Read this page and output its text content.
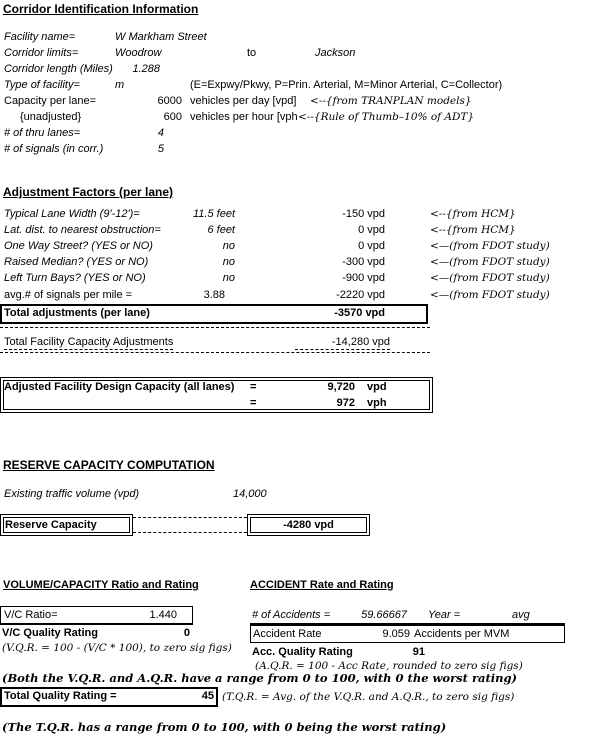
Corridor Identification Information
Facility name=	W Markham Street
Corridor limits=	Woodrow	to	Jackson
Corridor length (Miles)	1.288
Type of facility=	m	(E=Expwy/Pkwy, P=Prin. Arterial, M=Minor Arterial, C=Collector)
Capacity per lane=	6000 vehicles per day [vpd] <--{from TRANPLAN models}
{unadjusted}	600 vehicles per hour [vph <--{Rule of Thumb–10% of ADT}
# of thru lanes=	4
# of signals (in corr.)	5
Adjustment Factors (per lane)
Typical Lane Width (9'-12')=	11.5 feet	-150 vpd	<--{from HCM}
Lat. dist. to nearest obstruction=	6 feet	0 vpd	<--{from HCM}
One Way Street? (YES or NO)	no	0 vpd	<—(from FDOT study)
Raised Median? (YES or NO)	no	-300 vpd	<—(from FDOT study)
Left Turn Bays? (YES or NO)	no	-900 vpd	<—(from FDOT study)
avg.# of signals per mile =	3.88	-2220 vpd	<—(from FDOT study)
Total adjustments (per lane)	-3570 vpd
Total Facility Capacity Adjustments	-14,280 vpd
Adjusted Facility Design Capacity (all lanes) =	9,720 vpd
=	972 vph
RESERVE CAPACITY COMPUTATION
Existing traffic volume (vpd)	14,000
Reserve Capacity	-4280 vpd
VOLUME/CAPACITY Ratio and Rating
V/C Ratio=	1.440
V/C Quality Rating	0
(V.Q.R. = 100 - (V/C * 100), to zero sig figs)
ACCIDENT Rate and Rating
# of Accidents =	59.66667 Year =	avg
Accident Rate	9.059 Accidents per MVM
Acc. Quality Rating	91
(A.Q.R. = 100 - Acc Rate, rounded to zero sig figs)
(Both the V.Q.R. and A.Q.R. have a range from 0 to 100, with 0 the worst rating)
Total Quality Rating =	45 (T.Q.R. = Avg. of the V.Q.R. and A.Q.R., to zero sig figs)
(The T.Q.R. has a range from 0 to 100, with 0 being the worst rating)
